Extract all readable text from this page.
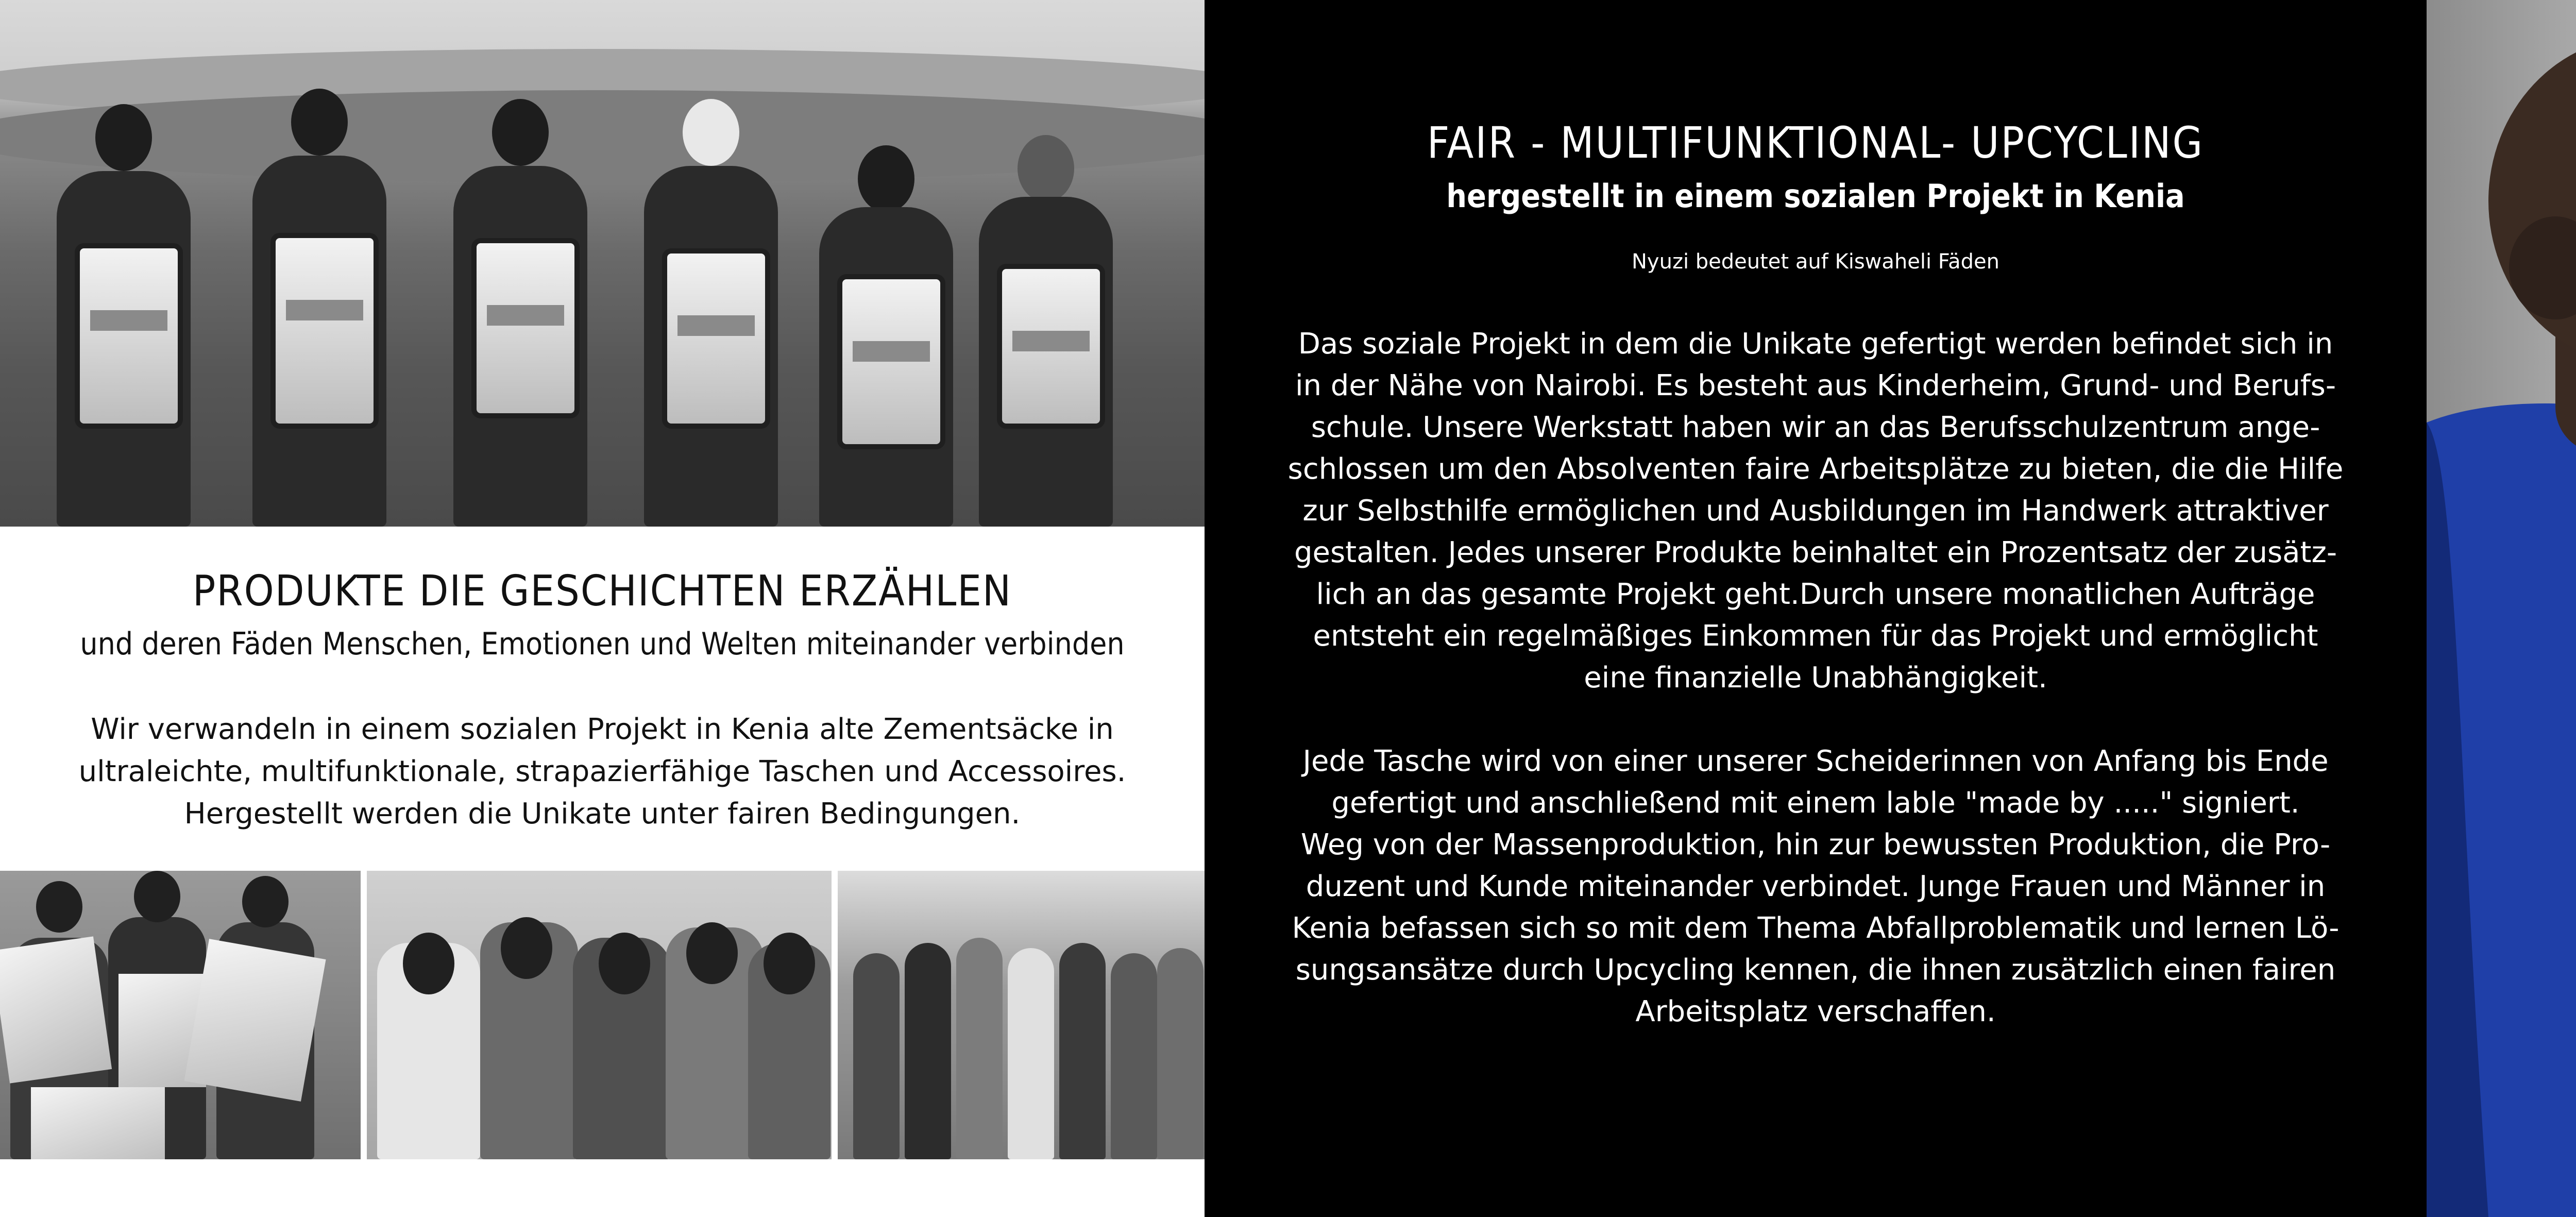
PRODUKTE DIE GESCHICHTEN ERZÄHLEN
und deren Fäden Menschen, Emotionen und Welten miteinander verbinden

Wir verwandeln in einem sozialen Projekt in Kenia alte Zementsäcke in ultraleichte, multifunktionale, strapazierfähige Taschen und Accessoires. Hergestellt werden die Unikate unter fairen Bedingungen.

FAIR - MULTIFUNKTIONAL- UPCYCLING
hergestellt in einem sozialen Projekt in Kenia

Nyuzi bedeutet auf Kiswaheli Fäden

Das soziale Projekt in dem die Unikate gefertigt werden befindet sich in
in der Nähe von Nairobi. Es besteht aus Kinderheim, Grund- und Berufs-
schule. Unsere Werkstatt haben wir an das Berufsschulzentrum ange-
schlossen um den Absolventen faire Arbeitsplätze zu bieten, die die Hilfe
zur Selbsthilfe ermöglichen und Ausbildungen im Handwerk attraktiver
gestalten. Jedes unserer Produkte beinhaltet ein Prozentsatz der zusätz-
lich an das gesamte Projekt geht.Durch unsere monatlichen Aufträge
entsteht ein regelmäßiges Einkommen für das Projekt und ermöglicht
eine finanzielle Unabhängigkeit.

Jede Tasche wird von einer unserer Scheiderinnen von Anfang bis Ende
gefertigt und anschließend mit einem lable "made by ....." signiert.
Weg von der Massenproduktion, hin zur bewussten Produktion, die Pro-
duzent und Kunde miteinander verbindet. Junge Frauen und Männer in
Kenia befassen sich so mit dem Thema Abfallproblematik und lernen Lö-
sungsansätze durch Upcycling kennen, die ihnen zusätzlich einen fairen
Arbeitsplatz verschaffen.
